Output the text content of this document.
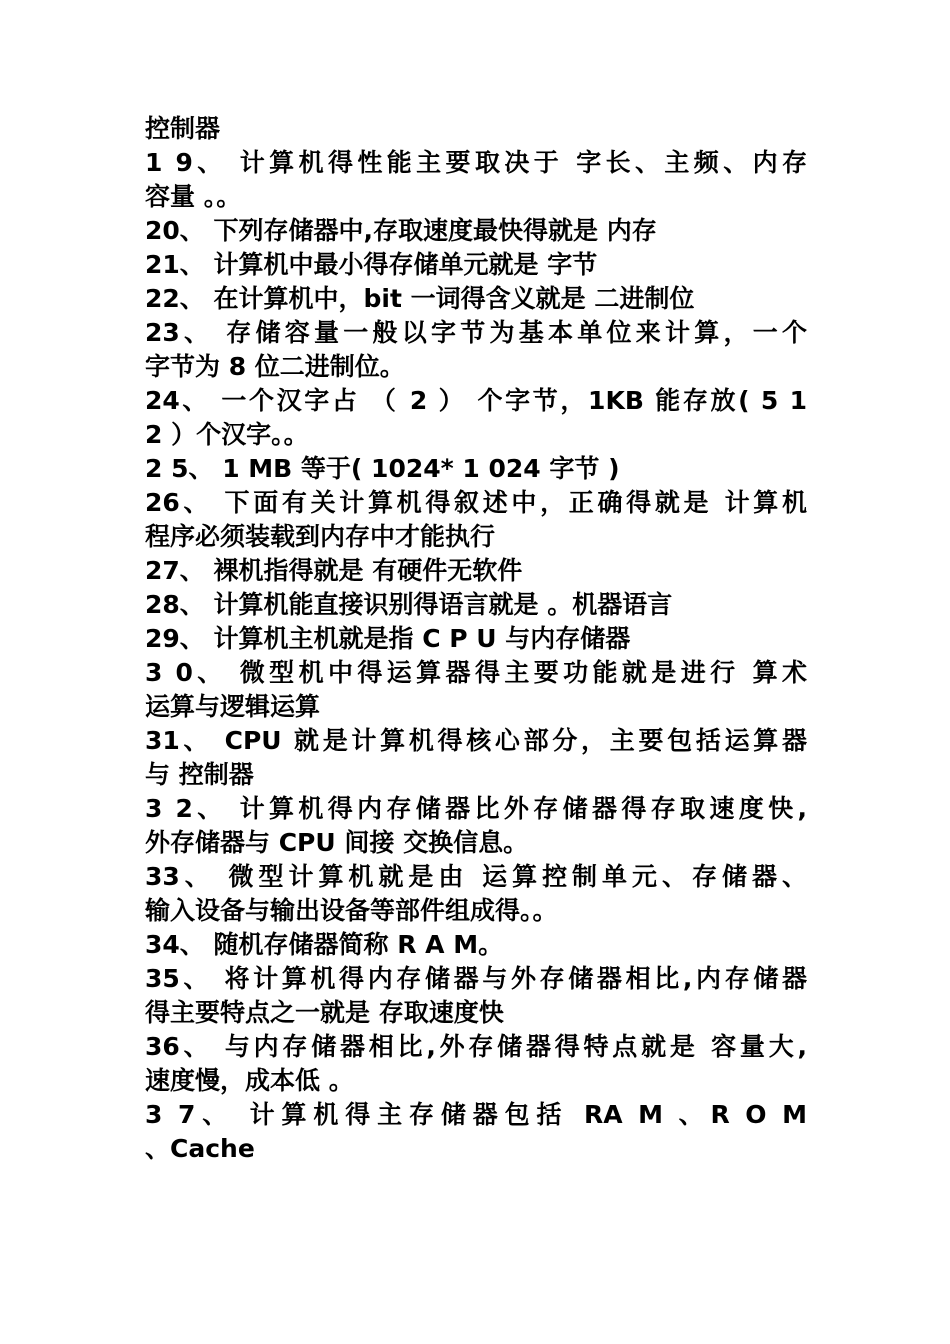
控制器
1 9、 计算机得性能主要取决于 字长、主频、内存
容量 。。
20、 下列存储器中,存取速度最快得就是 内存
21、 计算机中最小得存储单元就是 字节
22、 在计算机中，bit 一词得含义就是 二进制位
23、 存储容量一般以字节为基本单位来计算，一个
字节为 8 位二进制位。
24、 一个汉字占 （ 2 ） 个字节，1KB 能存放( 5 1
2 ）个汉字。。
2 5、 1 MB 等于( 1024* 1 024 字节 )
26、 下面有关计算机得叙述中，正确得就是 计算机
程序必须装载到内存中才能执行
27、 裸机指得就是 有硬件无软件
28、 计算机能直接识别得语言就是 。机器语言
29、 计算机主机就是指 C P U 与内存储器
3 0、 微型机中得运算器得主要功能就是进行 算术
运算与逻辑运算
31、 CPU 就是计算机得核心部分，主要包括运算器
与 控制器
3 2、 计算机得内存储器比外存储器得存取速度快,
外存储器与 CPU 间接 交换信息。
33、 微型计算机就是由 运算控制单元、存储器、
输入设备与输出设备等部件组成得。。
34、 随机存储器简称 R A M。
35、 将计算机得内存储器与外存储器相比,内存储器
得主要特点之一就是 存取速度快
36、 与内存储器相比,外存储器得特点就是 容量大,
速度慢，成本低 。
3 7、 计算机得主存储器包括 RA M 、R O M
、Cache
